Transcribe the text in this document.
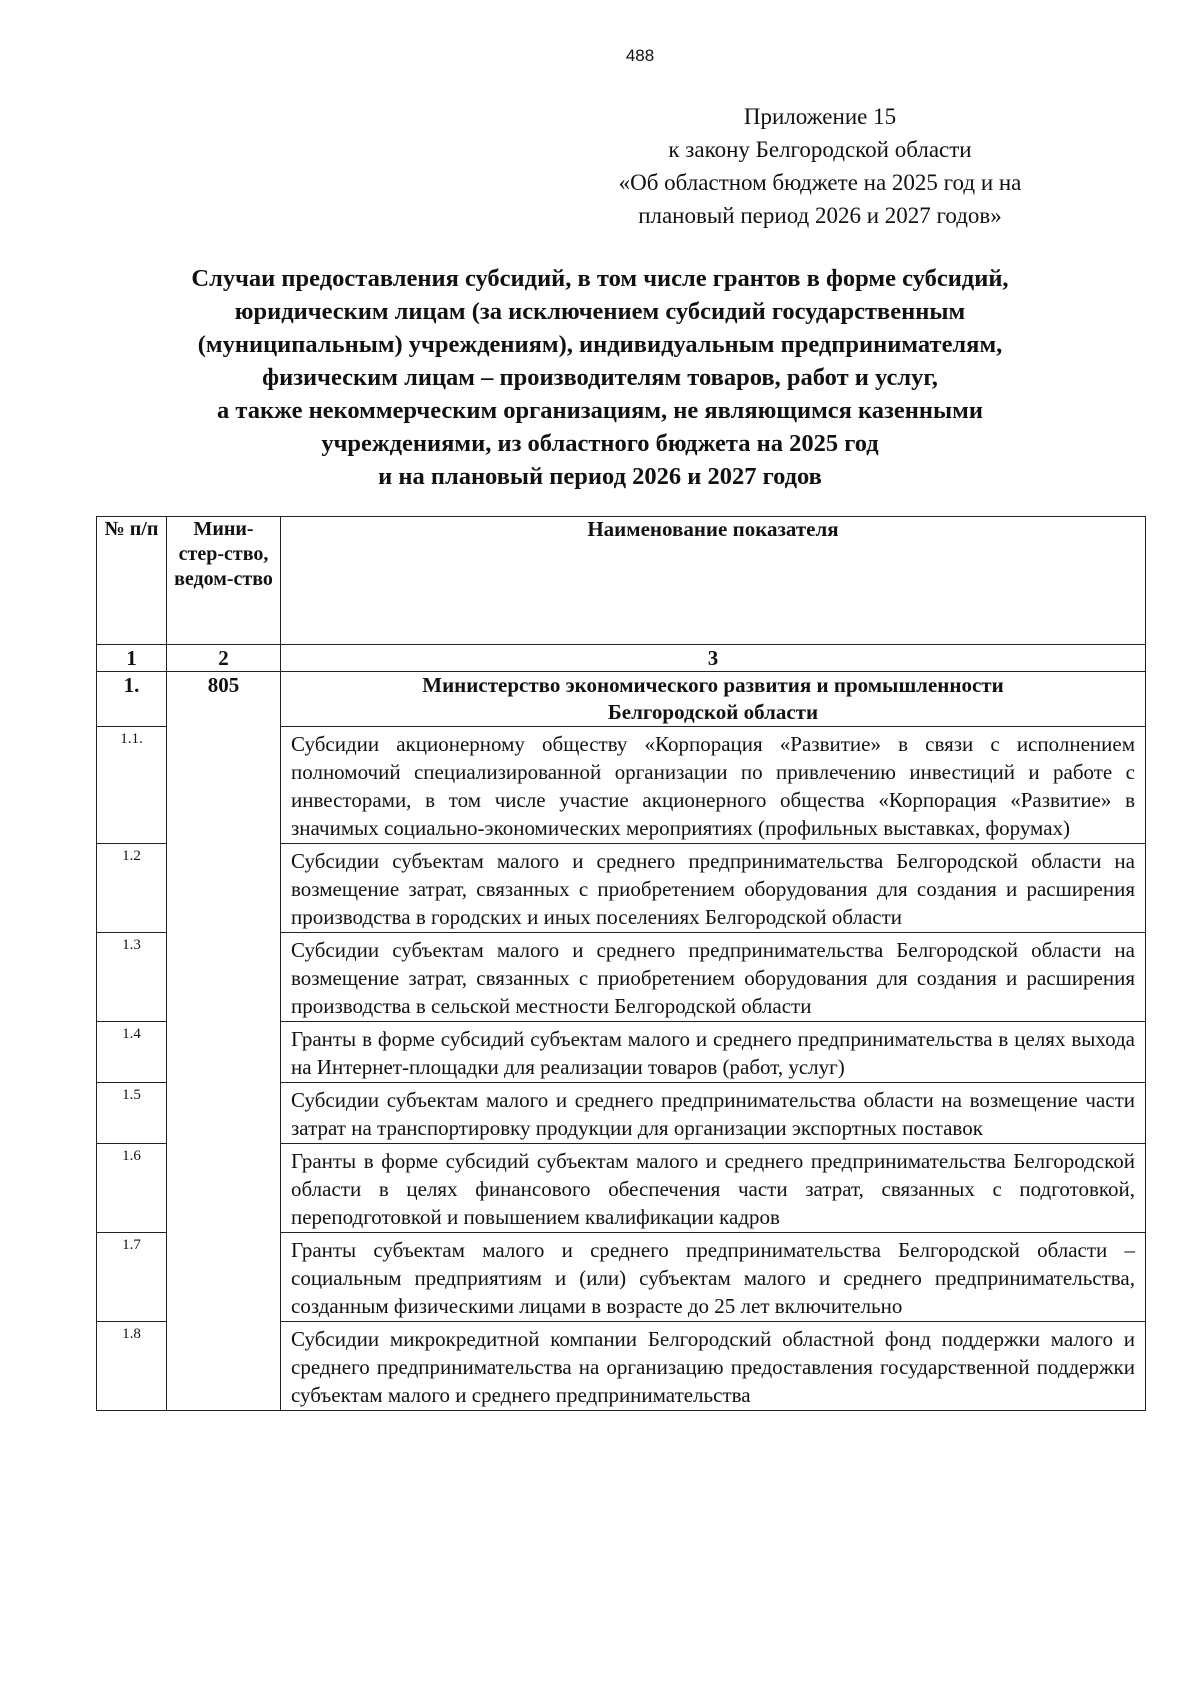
488
Приложение 15
к закону Белгородской области
«Об областном бюджете на 2025 год и на
плановый период 2026 и 2027 годов»
Случаи предоставления субсидий, в том числе грантов в форме субсидий,
юридическим лицам (за исключением субсидий государственным
(муниципальным) учреждениям), индивидуальным предпринимателям,
физическим лицам – производителям товаров, работ и услуг,
а также некоммерческим организациям, не являющимся казенными
учреждениями, из областного бюджета на 2025 год
и на плановый период 2026 и 2027 годов
№ п/п	Мини-стер-ство, ведом-ство	Наименование показателя
1	2	3
1.	805	Министерство экономического развития и промышленности
Белгородской области

1.1.		Субсидии акционерному обществу «Корпорация «Развитие» в связи с исполнением полномочий специализированной организации по привлечению инвестиций и работе с инвесторами, в том числе участие акционерного общества «Корпорация «Развитие» в значимых социально-экономических мероприятиях (профильных выставках, форумах)
1.2		Субсидии субъектам малого и среднего предпринимательства Белгородской области на возмещение затрат, связанных с приобретением оборудования для создания и расширения производства в городских и иных поселениях Белгородской области
1.3		Субсидии субъектам малого и среднего предпринимательства Белгородской области на возмещение затрат, связанных с приобретением оборудования для создания и расширения производства в сельской местности Белгородской области
1.4		Гранты в форме субсидий субъектам малого и среднего предпринимательства в целях выхода на Интернет-площадки для реализации товаров (работ, услуг)
1.5		Субсидии субъектам малого и среднего предпринимательства области на возмещение части затрат на транспортировку продукции для организации экспортных поставок
1.6		Гранты в форме субсидий субъектам малого и среднего предпринимательства Белгородской области в целях финансового обеспечения части затрат, связанных с подготовкой, переподготовкой и повышением квалификации кадров
1.7		Гранты субъектам малого и среднего предпринимательства Белгородской области – социальным предприятиям и (или) субъектам малого и среднего предпринимательства, созданным физическими лицами в возрасте до 25 лет включительно
1.8		Субсидии микрокредитной компании Белгородский областной фонд поддержки малого и среднего предпринимательства на организацию предоставления государственной поддержки субъектам малого и среднего предпринимательства
